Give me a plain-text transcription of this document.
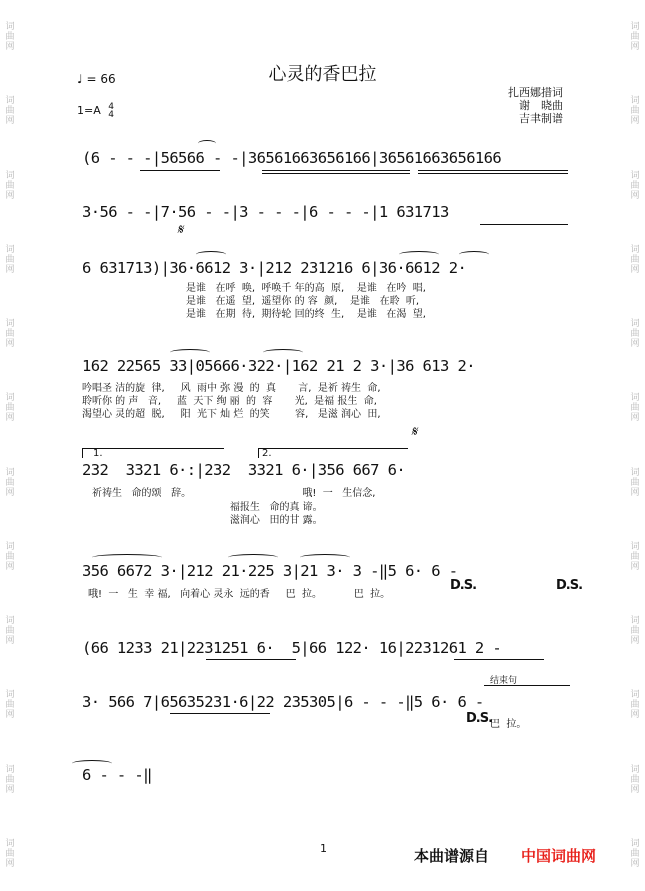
词曲网
词曲网
词曲网
词曲网
词曲网
词曲网
词曲网
词曲网
词曲网
词曲网
词曲网
词曲网
词曲网
词曲网
词曲网
词曲网
词曲网
词曲网
词曲网
词曲网
词曲网
词曲网
词曲网
词曲网
心灵的香巴拉
♩ = 66
1=A 4
4
扎西娜措词
谢　晓曲
吉聿制谱
(6 - - -|56566 - -|36561663656166|36561663656166
3·56 - -|7·56 - -|3 - - -|6 - - -|1 631713
𝄋
6 631713)|36·6612 3·|212 231216 6|36·6612 2·
是谁   在呼  唤,  呼唤千 年的高  原,    是谁   在吟  唱,
是谁   在遥  望,  遥望你 的 容  颜,    是谁   在聆  听,
是谁   在期  待,  期待轮 回的终  生,    是谁   在渴  望,
162 22565 33|05666·322·|162 21 2 3·|36 613 2·
吟唱圣 洁的旋  律,     风  雨中 弥 漫  的  真       言,  是祈 祷生  命,
聆听你 的 声   音,     蓝  天下 绚 丽  的  容       光,  是福 报生  命,
渴望心 灵的超  脱,     阳  光下 灿 烂  的笑        容,   是滋 润心  田,
𝄋
1.	2.
232  3321 6·:|232  3321 6·|356 667 6·
祈祷生   命的颂   辞。                                   哦!  一   生信念,
福报生   命的真 谛。
滋润心   田的甘 露。
356 6672 3·|212 21·225 3|21 3· 3 -‖5 6· 6 -
哦!  一   生  幸 福,   向着心 灵永  远的香     巴  拉。          巴  拉。
D.S.	D.S.
(66 1233 21|2231251 6·  5|66 122· 16|2231261 2 -
结束句
3· 566 7|65635231·6|22 235305|6 - - -‖5 6· 6 -
D.S.
巴  拉。
6 - - -‖
1	本曲谱源自 中国词曲网
